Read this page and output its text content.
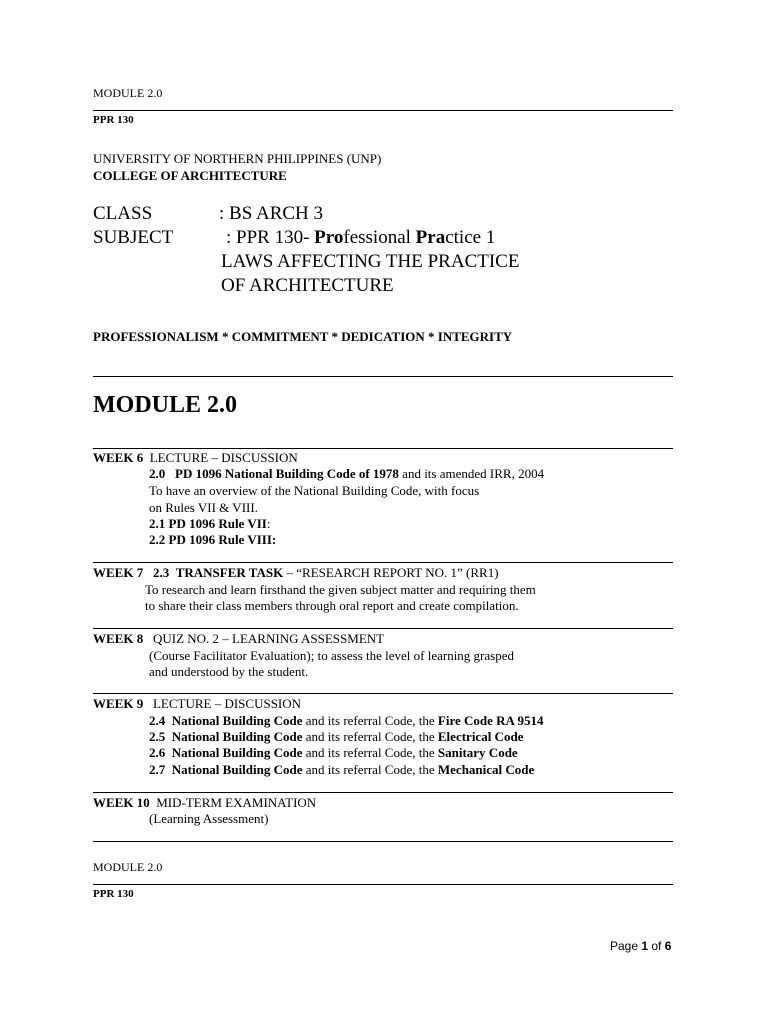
MODULE 2.0
PPR 130
UNIVERSITY OF NORTHERN PHILIPPINES (UNP)
COLLEGE OF ARCHITECTURE
CLASS	: BS ARCH 3
SUBJECT	: PPR 130- Professional Practice 1
LAWS AFFECTING THE PRACTICE
OF ARCHITECTURE
PROFESSIONALISM * COMMITMENT * DEDICATION * INTEGRITY
MODULE 2.0
WEEK 6 LECTURE – DISCUSSION
2.0 PD 1096 National Building Code of 1978 and its amended IRR, 2004
To have an overview of the National Building Code, with focus
on Rules VII & VIII.
2.1 PD 1096 Rule VII:
2.2 PD 1096 Rule VIII:
WEEK 7 2.3 TRANSFER TASK – “RESEARCH REPORT NO. 1” (RR1)
To research and learn firsthand the given subject matter and requiring them
to share their class members through oral report and create compilation.
WEEK 8 QUIZ NO. 2 – LEARNING ASSESSMENT
(Course Facilitator Evaluation); to assess the level of learning grasped
and understood by the student.
WEEK 9 LECTURE – DISCUSSION
2.4 National Building Code and its referral Code, the Fire Code RA 9514
2.5 National Building Code and its referral Code, the Electrical Code
2.6 National Building Code and its referral Code, the Sanitary Code
2.7 National Building Code and its referral Code, the Mechanical Code
WEEK 10 MID-TERM EXAMINATION
(Learning Assessment)
MODULE 2.0
PPR 130
Page 1 of 6
